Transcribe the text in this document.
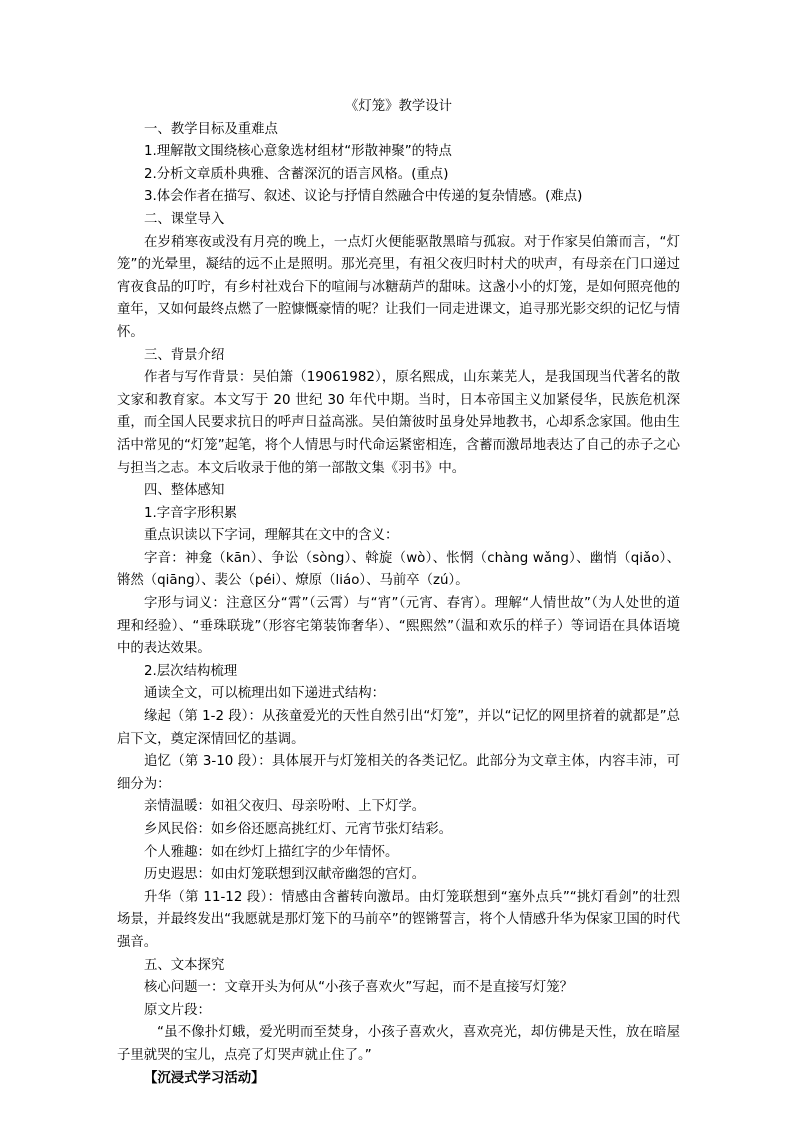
《灯笼》教学设计

一、教学目标及重难点

1.理解散文围绕核心意象选材组材“形散神聚”的特点

2.分析文章质朴典雅、含蓄深沉的语言风格。(重点)

3.体会作者在描写、叙述、议论与抒情自然融合中传递的复杂情感。(难点)

二、课堂导入

在岁稍寒夜或没有月亮的晚上，一点灯火便能驱散黑暗与孤寂。对于作家吴伯箫而言，“灯笼”的光晕里，凝结的远不止是照明。那光亮里，有祖父夜归时村犬的吠声，有母亲在门口递过宵夜食品的叮咛，有乡村社戏台下的喧闹与冰糖葫芦的甜味。这盏小小的灯笼，是如何照亮他的童年，又如何最终点燃了一腔慷慨豪情的呢？让我们一同走进课文，追寻那光影交织的记忆与情怀。

三、背景介绍

作者与写作背景：吴伯箫（19061982），原名熙成，山东莱芜人，是我国现当代著名的散文家和教育家。本文写于 20 世纪 30 年代中期。当时，日本帝国主义加紧侵华，民族危机深重，而全国人民要求抗日的呼声日益高涨。吴伯箫彼时虽身处异地教书，心却系念家国。他由生活中常见的“灯笼”起笔，将个人情思与时代命运紧密相连，含蓄而激昂地表达了自己的赤子之心与担当之志。本文后收录于他的第一部散文集《羽书》中。

四、整体感知

1.字音字形积累

重点识读以下字词，理解其在文中的含义：

字音：神龛（kān）、争讼（sòng）、斡旋（wò）、怅惘（chàng wǎng）、幽悄（qiǎo）、锵然（qiāng）、裴公（péi）、燎原（liáo）、马前卒（zú）。

字形与词义：注意区分“霄”（云霄）与“宵”（元宵、春宵）。理解“人情世故”（为人处世的道理和经验）、“垂珠联珑”（形容宅第装饰奢华）、“熙熙然”（温和欢乐的样子）等词语在具体语境中的表达效果。

2.层次结构梳理

通读全文，可以梳理出如下递进式结构：

缘起（第 1-2 段）：从孩童爱光的天性自然引出“灯笼”，并以“记忆的网里挤着的就都是”总启下文，奠定深情回忆的基调。

追忆（第 3-10 段）：具体展开与灯笼相关的各类记忆。此部分为文章主体，内容丰沛，可细分为：

亲情温暖：如祖父夜归、母亲吩咐、上下灯学。

乡风民俗：如乡俗还愿高挑红灯、元宵节张灯结彩。

个人雅趣：如在纱灯上描红字的少年情怀。

历史遐思：如由灯笼联想到汉献帝幽怨的宫灯。

升华（第 11-12 段）：情感由含蓄转向激昂。由灯笼联想到“塞外点兵”“挑灯看剑”的壮烈场景，并最终发出“我愿就是那灯笼下的马前卒”的铿锵誓言，将个人情感升华为保家卫国的时代强音。

五、文本探究

核心问题一：文章开头为何从“小孩子喜欢火”写起，而不是直接写灯笼？

原文片段：

“虽不像扑灯蛾，爱光明而至焚身，小孩子喜欢火，喜欢亮光，却仿佛是天性，放在暗屋子里就哭的宝儿，点亮了灯哭声就止住了。”

【沉浸式学习活动】
